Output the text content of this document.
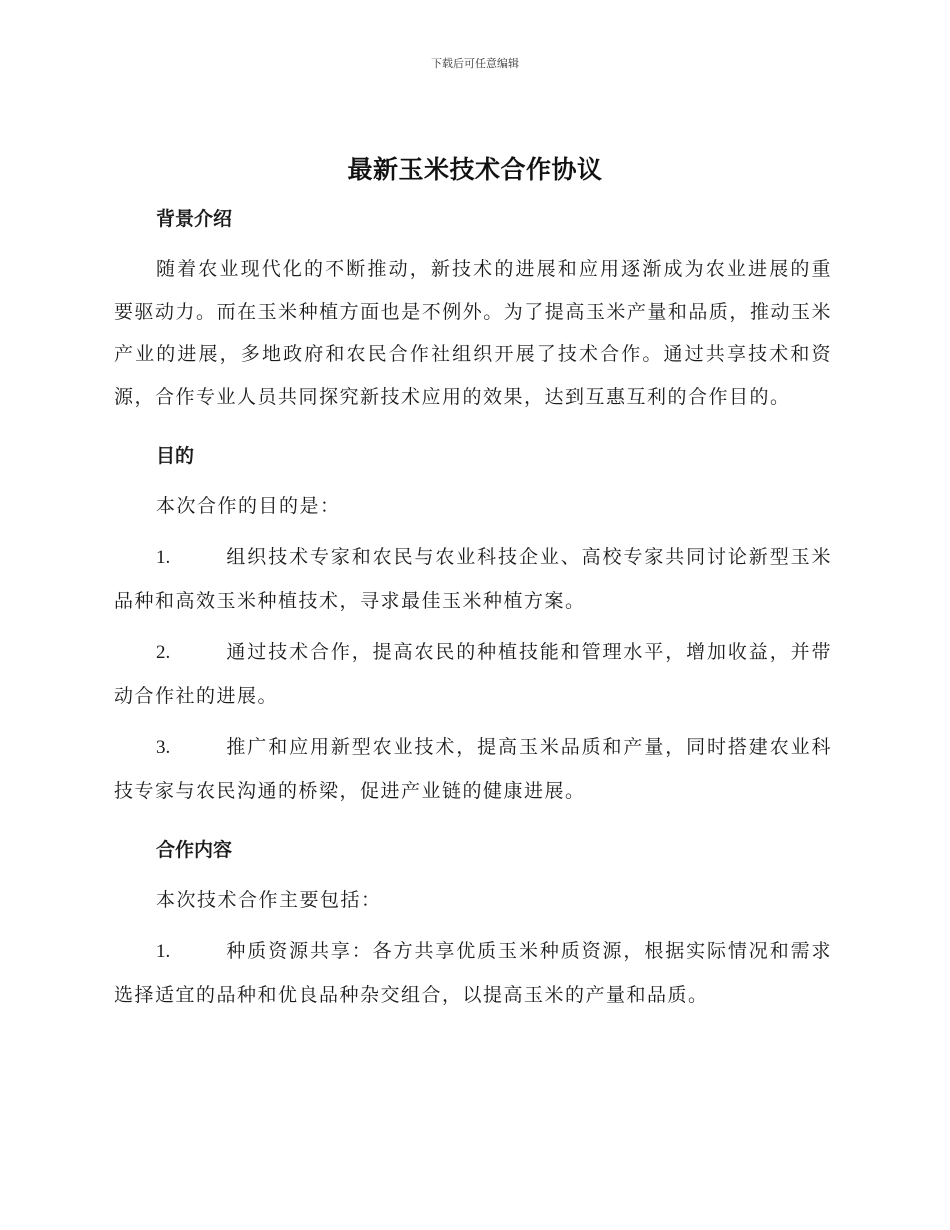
下载后可任意编辑
最新玉米技术合作协议
背景介绍

随着农业现代化的不断推动，新技术的进展和应用逐渐成为农业进展的重要驱动力。而在玉米种植方面也是不例外。为了提高玉米产量和品质，推动玉米产业的进展，多地政府和农民合作社组织开展了技术合作。通过共享技术和资源，合作专业人员共同探究新技术应用的效果，达到互惠互利的合作目的。

目的

本次合作的目的是：

1.	组织技术专家和农民与农业科技企业、高校专家共同讨论新型玉米品种和高效玉米种植技术，寻求最佳玉米种植方案。

2.	通过技术合作，提高农民的种植技能和管理水平，增加收益，并带动合作社的进展。

3.	推广和应用新型农业技术，提高玉米品质和产量，同时搭建农业科技专家与农民沟通的桥梁，促进产业链的健康进展。

合作内容

本次技术合作主要包括：

1.	种质资源共享：各方共享优质玉米种质资源，根据实际情况和需求选择适宜的品种和优良品种杂交组合，以提高玉米的产量和品质。
